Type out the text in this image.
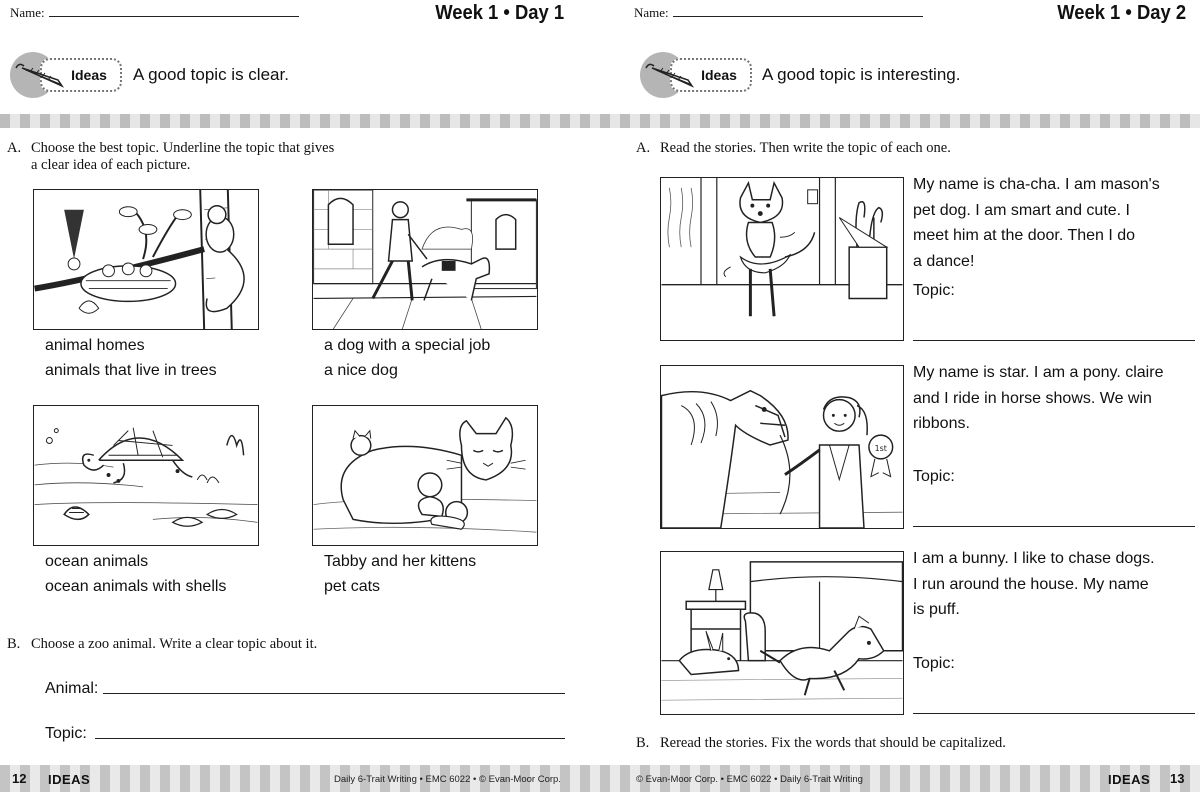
Name:	Week 1 • Day 1
Ideas A good topic is clear.
A. Choose the best topic. Underline the topic that gives
a clear idea of each picture.
animal homes
animals that live in trees
a dog with a special job
a nice dog
ocean animals
ocean animals with shells
Tabby and her kittens
pet cats
B. Choose a zoo animal. Write a clear topic about it.
Animal:
Topic:
12 IDEAS	Daily 6-Trait Writing • EMC 6022 • © Evan-Moor Corp.
Name:	Week 1 • Day 2
Ideas A good topic is interesting.
A. Read the stories. Then write the topic of each one.
My name is cha-cha. I am mason's
pet dog. I am smart and cute. I
meet him at the door. Then I do
a dance!
Topic:
1st
My name is star. I am a pony. claire
and I ride in horse shows. We win
ribbons.
Topic:
I am a bunny. I like to chase dogs.
I run around the house. My name
is puff.
Topic:
B. Reread the stories. Fix the words that should be capitalized.
© Evan-Moor Corp. • EMC 6022 • Daily 6-Trait Writing	IDEAS 13
